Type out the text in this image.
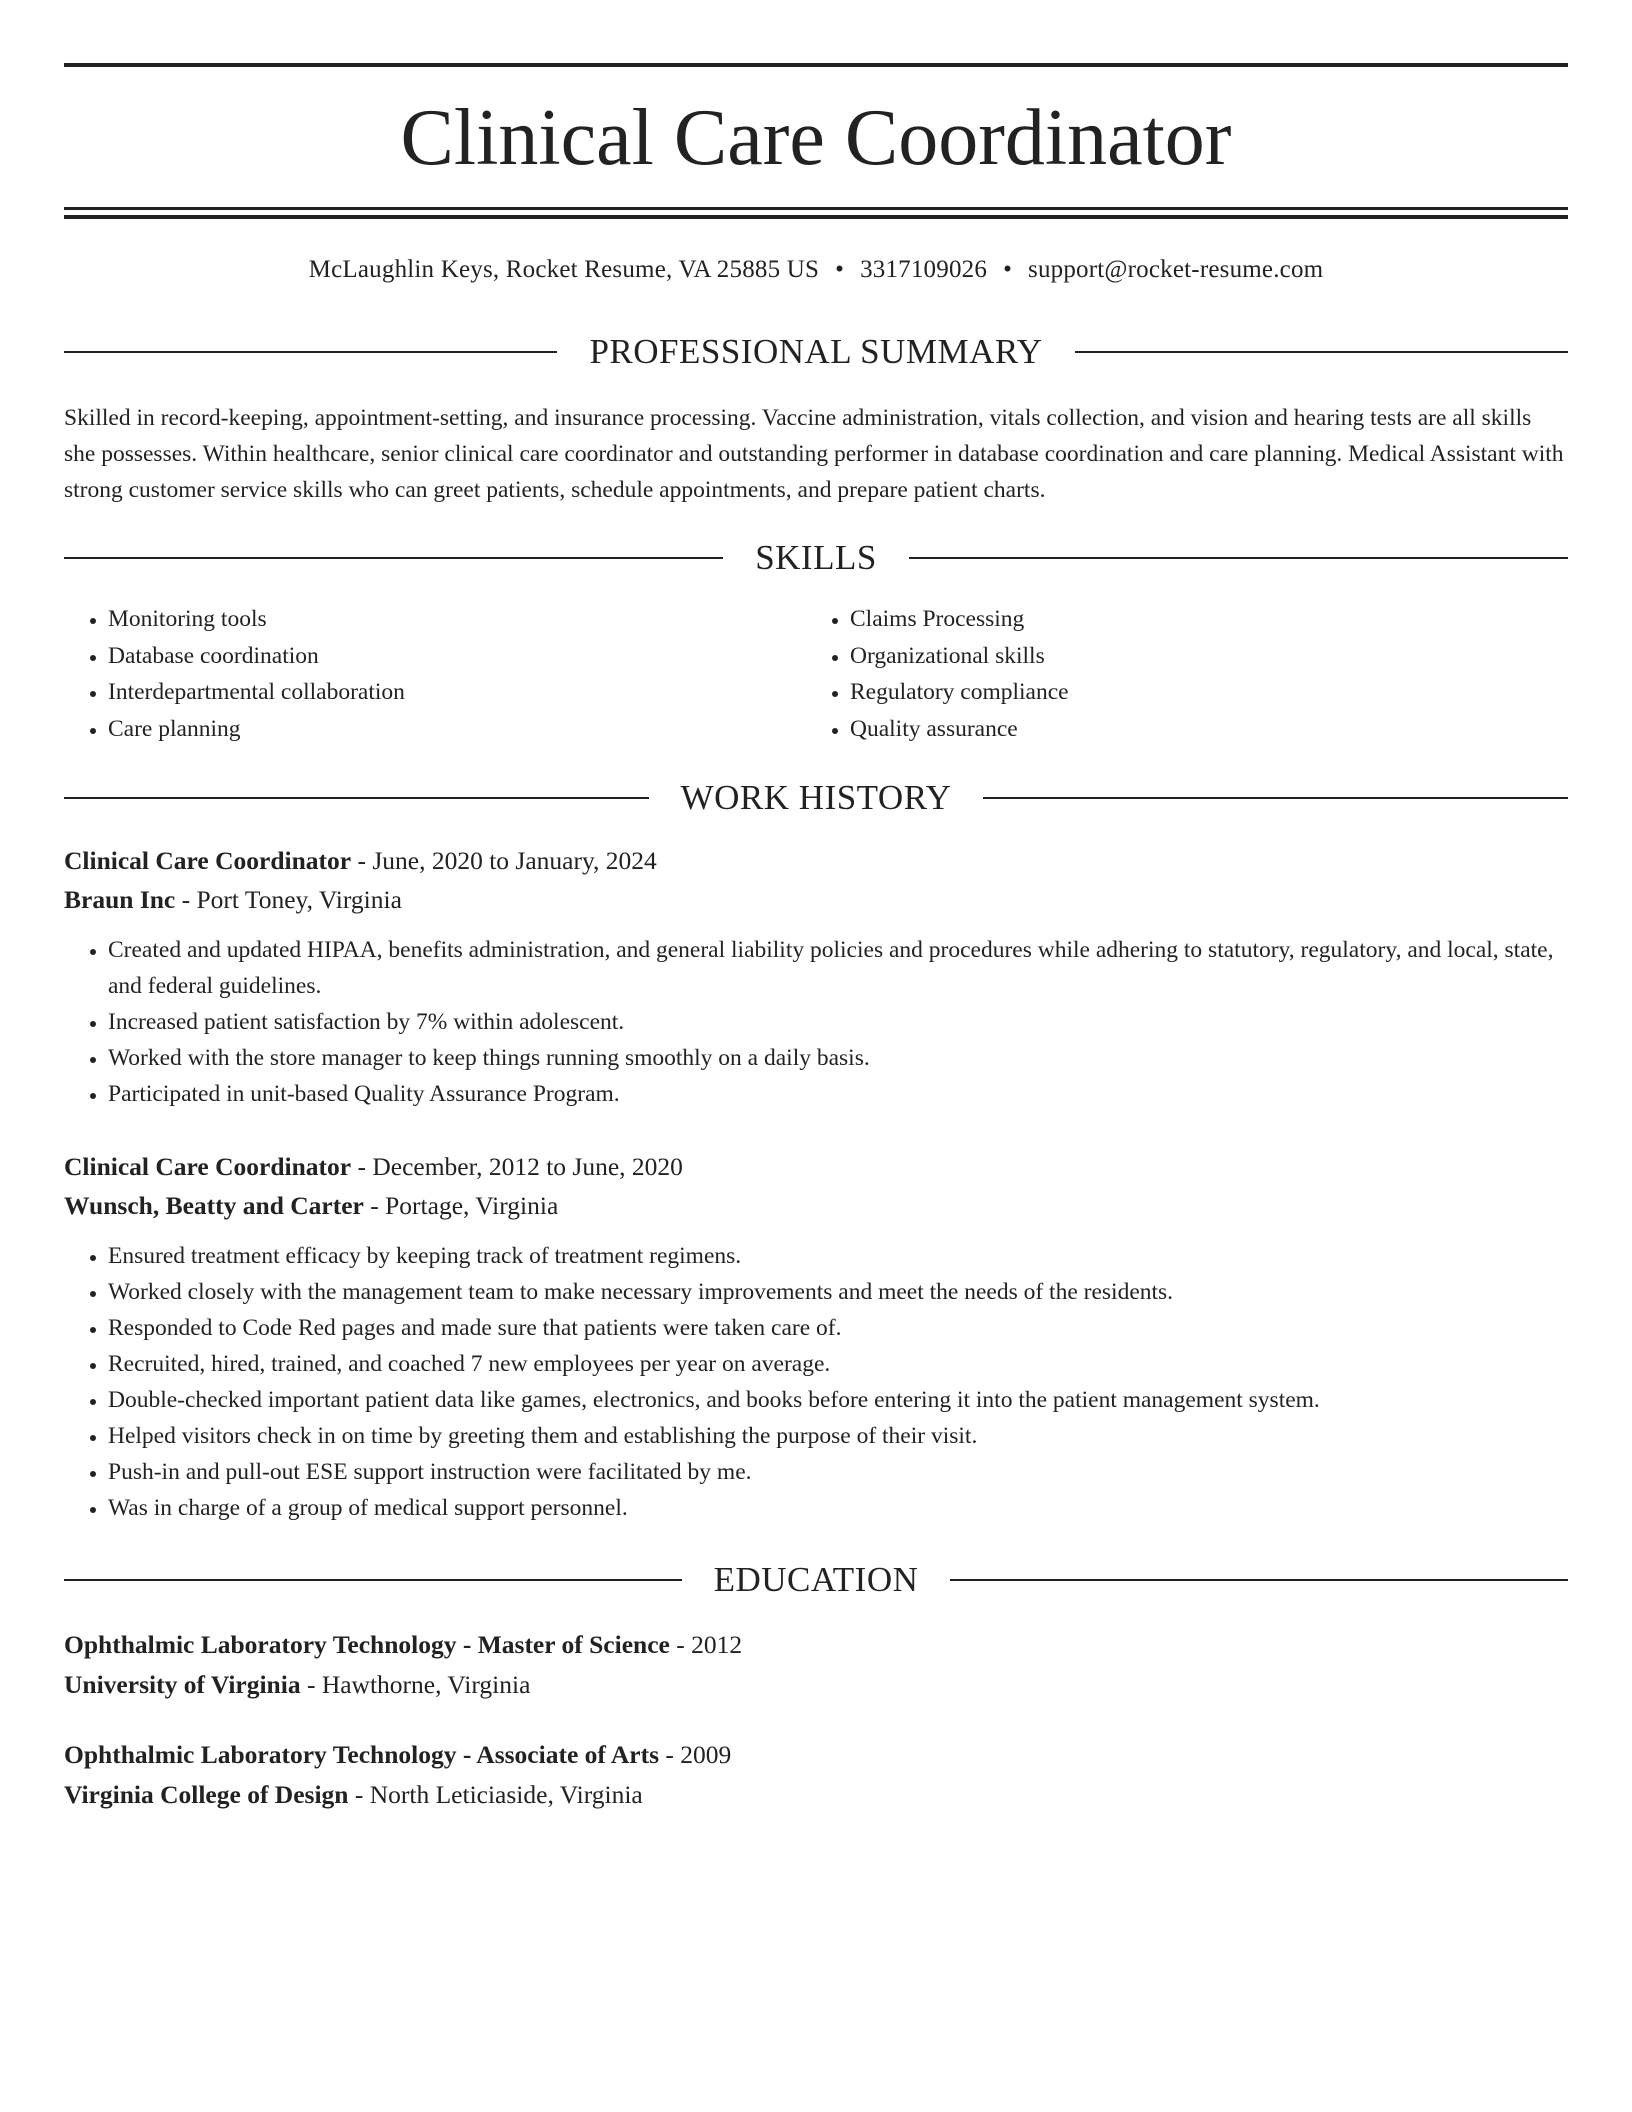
Clinical Care Coordinator
McLaughlin Keys, Rocket Resume, VA 25885 US • 3317109026 • support@rocket-resume.com
PROFESSIONAL SUMMARY

Skilled in record-keeping, appointment-setting, and insurance processing. Vaccine administration, vitals collection, and vision and hearing tests are all skills she possesses. Within healthcare, senior clinical care coordinator and outstanding performer in database coordination and care planning. Medical Assistant with strong customer service skills who can greet patients, schedule appointments, and prepare patient charts.

SKILLS
• Monitoring tools
• Database coordination
• Interdepartmental collaboration
• Care planning
• Claims Processing
• Organizational skills
• Regulatory compliance
• Quality assurance
WORK HISTORY
Clinical Care Coordinator - June, 2020 to January, 2024
Braun Inc - Port Toney, Virginia
• Created and updated HIPAA, benefits administration, and general liability policies and procedures while adhering to statutory, regulatory, and local, state, and federal guidelines.
• Increased patient satisfaction by 7% within adolescent.
• Worked with the store manager to keep things running smoothly on a daily basis.
• Participated in unit-based Quality Assurance Program.
Clinical Care Coordinator - December, 2012 to June, 2020
Wunsch, Beatty and Carter - Portage, Virginia
• Ensured treatment efficacy by keeping track of treatment regimens.
• Worked closely with the management team to make necessary improvements and meet the needs of the residents.
• Responded to Code Red pages and made sure that patients were taken care of.
• Recruited, hired, trained, and coached 7 new employees per year on average.
• Double-checked important patient data like games, electronics, and books before entering it into the patient management system.
• Helped visitors check in on time by greeting them and establishing the purpose of their visit.
• Push-in and pull-out ESE support instruction were facilitated by me.
• Was in charge of a group of medical support personnel.
EDUCATION
Ophthalmic Laboratory Technology - Master of Science - 2012
University of Virginia - Hawthorne, Virginia
Ophthalmic Laboratory Technology - Associate of Arts - 2009
Virginia College of Design - North Leticiaside, Virginia
